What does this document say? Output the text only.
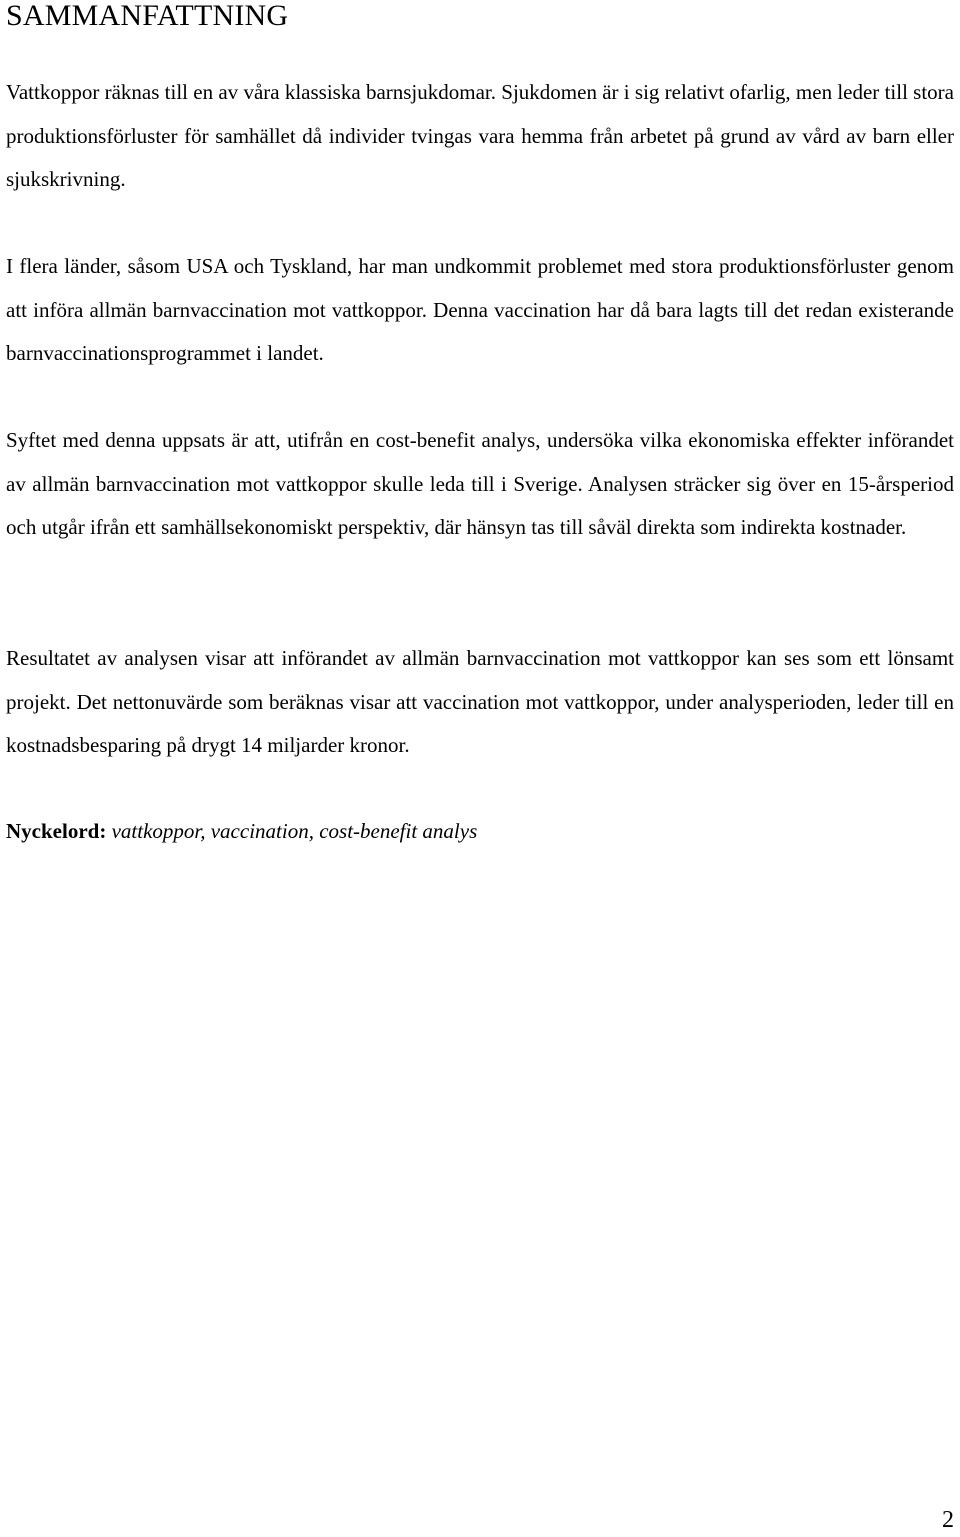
SAMMANFATTNING

Vattkoppor räknas till en av våra klassiska barnsjukdomar. Sjukdomen är i sig relativt ofarlig, men leder till stora produktionsförluster för samhället då individer tvingas vara hemma från arbetet på grund av vård av barn eller sjukskrivning.

I flera länder, såsom USA och Tyskland, har man undkommit problemet med stora produktionsförluster genom att införa allmän barnvaccination mot vattkoppor. Denna vaccination har då bara lagts till det redan existerande barnvaccinationsprogrammet i landet.

Syftet med denna uppsats är att, utifrån en cost-benefit analys, undersöka vilka ekonomiska effekter införandet av allmän barnvaccination mot vattkoppor skulle leda till i Sverige. Analysen sträcker sig över en 15-årsperiod och utgår ifrån ett samhällsekonomiskt perspektiv, där hänsyn tas till såväl direkta som indirekta kostnader.

Resultatet av analysen visar att införandet av allmän barnvaccination mot vattkoppor kan ses som ett lönsamt projekt. Det nettonuvärde som beräknas visar att vaccination mot vattkoppor, under analysperioden, leder till en kostnadsbesparing på drygt 14 miljarder kronor.

Nyckelord: vattkoppor, vaccination, cost-benefit analys

2
